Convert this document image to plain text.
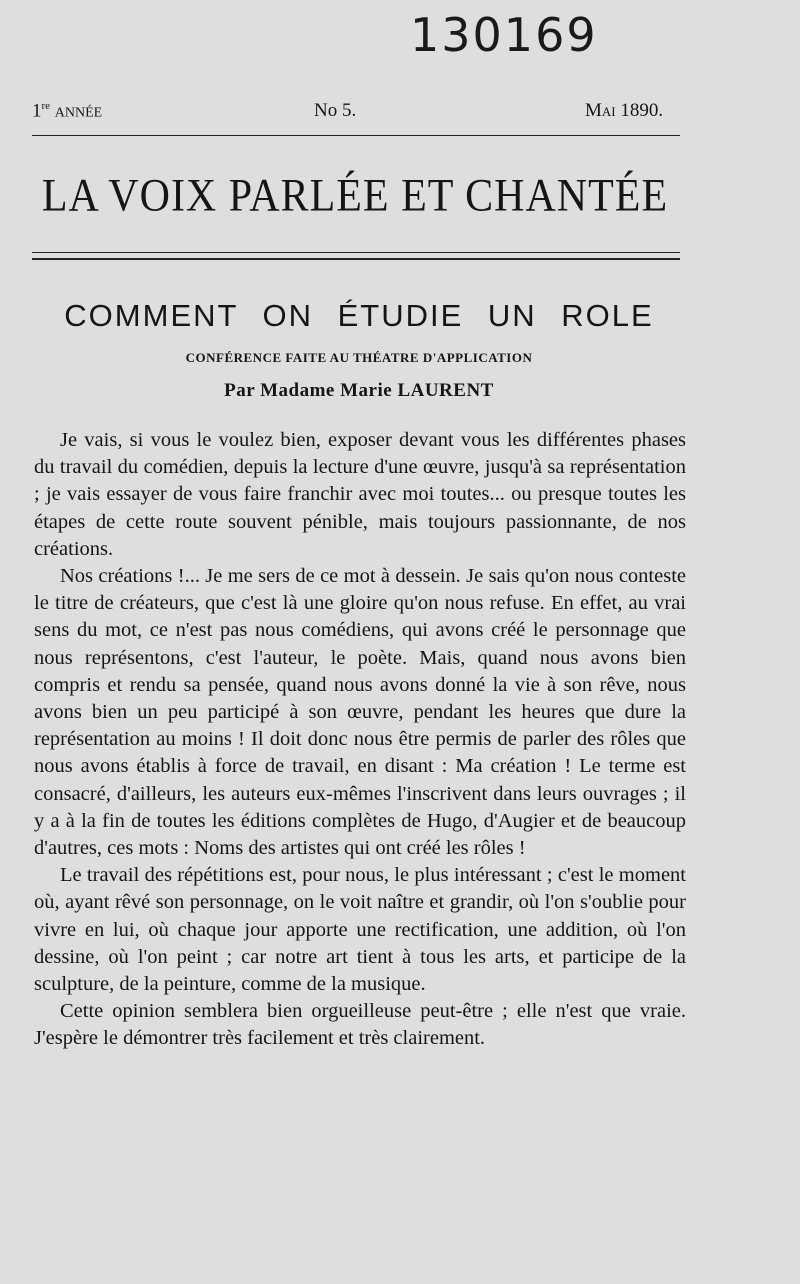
130169
1re ANNÉE	No 5.	Mai 1890.
LA VOIX PARLÉE ET CHANTÉE
COMMENT ON ÉTUDIE UN ROLE
CONFÉRENCE FAITE AU THÉATRE D'APPLICATION
Par Madame Marie LAURENT

Je vais, si vous le voulez bien, exposer devant vous les différentes phases du travail du comédien, depuis la lecture d'une œuvre, jusqu'à sa représentation ; je vais essayer de vous faire franchir avec moi toutes... ou presque toutes les étapes de cette route souvent pénible, mais toujours passionnante, de nos créations.

Nos créations !... Je me sers de ce mot à dessein. Je sais qu'on nous conteste le titre de créateurs, que c'est là une gloire qu'on nous refuse. En effet, au vrai sens du mot, ce n'est pas nous comédiens, qui avons créé le personnage que nous représentons, c'est l'auteur, le poète. Mais, quand nous avons bien compris et rendu sa pensée, quand nous avons donné la vie à son rêve, nous avons bien un peu participé à son œuvre, pendant les heures que dure la représentation au moins ! Il doit donc nous être permis de parler des rôles que nous avons établis à force de travail, en disant : Ma création ! Le terme est consacré, d'ailleurs, les auteurs eux-mêmes l'inscrivent dans leurs ouvrages ; il y a à la fin de toutes les éditions complètes de Hugo, d'Augier et de beaucoup d'autres, ces mots : Noms des artistes qui ont créé les rôles !

Le travail des répétitions est, pour nous, le plus intéressant ; c'est le moment où, ayant rêvé son personnage, on le voit naître et grandir, où l'on s'oublie pour vivre en lui, où chaque jour apporte une rectification, une addition, où l'on dessine, où l'on peint ; car notre art tient à tous les arts, et participe de la sculpture, de la peinture, comme de la musique.

Cette opinion semblera bien orgueilleuse peut-être ; elle n'est que vraie. J'espère le démontrer très facilement et très clairement.
